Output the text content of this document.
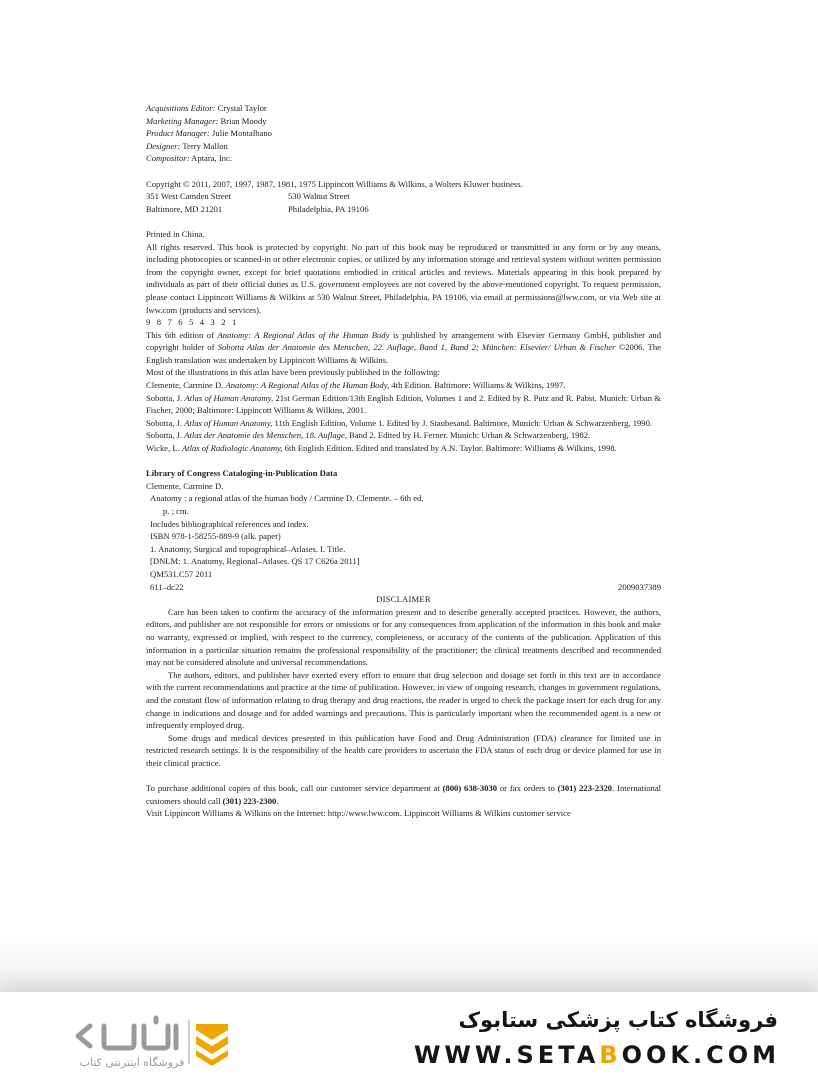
Acquisitions Editor: Crystal Taylor

Marketing Manager: Brian Moody

Product Manager: Julie Montalbano

Designer: Terry Mallon

Compositor: Aptara, Inc.

Copyright © 2011, 2007, 1997, 1987, 1981, 1975 Lippincott Williams & Wilkins, a Wolters Kluwer business.

351 West Camden Street

Baltimore, MD 21201

530 Walnut Street

Philadelphia, PA 19106

Printed in China.

All rights reserved. This book is protected by copyright. No part of this book may be reproduced or transmitted in any form or by any means, including photocopies or scanned-in or other electronic copies, or utilized by any information storage and retrieval system without written permission from the copyright owner, except for brief quotations embodied in critical articles and reviews. Materials appearing in this book prepared by individuals as part of their official duties as U.S. government employees are not covered by the above-mentioned copyright. To request permission, please contact Lippincott Williams & Wilkins at 530 Walnut Street, Philadelphia, PA 19106, via email at permissions@lww.com, or via Web site at lww.com (products and services).

9   8   7   6   5   4   3   2   1

This 6th edition of Anatomy: A Regional Atlas of the Human Body is published by arrangement with Elsevier Germany GmbH, publisher and copyright holder of Sobotta Atlas der Anatomie des Menschen, 22. Auflage, Band 1, Band 2; München: Elsevier/ Urban & Fischer ©2006. The English translation was undertaken by Lippincott Williams & Wilkins.

Most of the illustrations in this atlas have been previously published in the following:

Clemente, Carmine D. Anatomy: A Regional Atlas of the Human Body, 4th Edition. Baltimore: Williams & Wilkins, 1997.

Sobotta, J. Atlas of Human Anatomy, 21st German Edition/13th English Edition, Volumes 1 and 2. Edited by R. Putz and R. Pabst. Munich: Urban & Fischer, 2000; Baltimore: Lippincott Williams & Wilkins, 2001.

Sobotta, J. Atlas of Human Anatomy, 11th English Edition, Volume 1. Edited by J. Staubesand. Baltimore, Munich: Urban & Schwarzenberg, 1990.

Sobotta, J. Atlas der Anatomie des Menschen, 18. Auflage, Band 2. Edited by H. Ferner. Munich: Urban & Schwarzenberg, 1982.

Wicke, L. Atlas of Radiologic Anatomy, 6th English Edition. Edited and translated by A.N. Taylor. Baltimore: Williams & Wilkins, 1998.

Library of Congress Cataloging-in-Publication Data

Clemente, Carmine D.

Anatomy : a regional atlas of the human body / Carmine D. Clemente. – 6th ed.

p. ; cm.

Includes bibliographical references and index.

ISBN 978-1-58255-889-9 (alk. paper)

1. Anatomy, Surgical and topographical–Atlases. I. Title.

[DNLM: 1. Anatomy, Regional–Atlases. QS 17 C626a 2011]

QM531.C57 2011

611–dc22	2009037389

DISCLAIMER

Care has been taken to confirm the accuracy of the information present and to describe generally accepted practices. However, the authors, editors, and publisher are not responsible for errors or omissions or for any consequences from application of the information in this book and make no warranty, expressed or implied, with respect to the currency, completeness, or accuracy of the contents of the publication. Application of this information in a particular situation remains the professional responsibility of the practitioner; the clinical treatments described and recommended may not be considered absolute and universal recommendations.

The authors, editors, and publisher have exerted every effort to ensure that drug selection and dosage set forth in this text are in accordance with the current recommendations and practice at the time of publication. However, in view of ongoing research, changes in government regulations, and the constant flow of information relating to drug therapy and drug reactions, the reader is urged to check the package insert for each drug for any change in indications and dosage and for added warnings and precautions. This is particularly important when the recommended agent is a new or infrequently employed drug.

Some drugs and medical devices presented in this publication have Food and Drug Administration (FDA) clearance for limited use in restricted research settings. It is the responsibility of the health care providers to ascertain the FDA status of each drug or device planned for use in their clinical practice.

To purchase additional copies of this book, call our customer service department at (800) 638-3030 or fax orders to (301) 223-2320. International customers should call (301) 223-2300.

Visit Lippincott Williams & Wilkins on the Internet: http://www.lww.com. Lippincott Williams & Wilkins customer service

فروشگاه اینترنتی کتاب
فروشگاه کتاب پزشکی ستابوک
WWW.SETABOOK.COM
